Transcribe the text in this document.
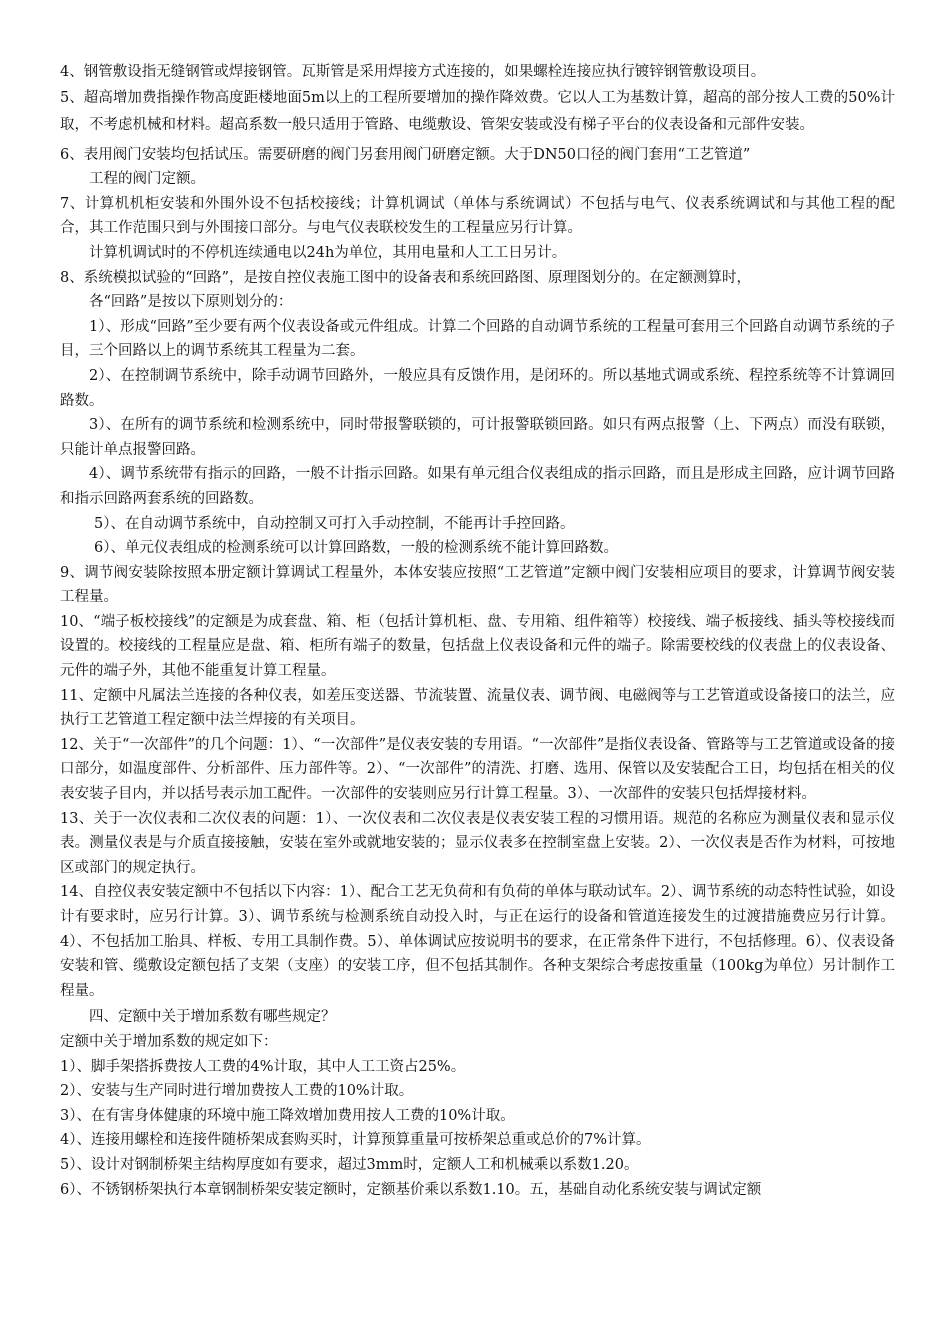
4、钢管敷设指无缝钢管或焊接钢管。瓦斯管是采用焊接方式连接的，如果螺栓连接应执行镀锌钢管敷设项目。

5、超高增加费指操作物高度距楼地面5m以上的工程所要增加的操作降效费。它以人工为基数计算，超高的部分按人工费的50%计取，不考虑机械和材料。超高系数一般只适用于管路、电缆敷设、管架安装或没有梯子平台的仪表设备和元部件安装。

6、表用阀门安装均包括试压。需要研磨的阀门另套用阀门研磨定额。大于DN50口径的阀门套用“工艺管道”

工程的阀门定额。

7、计算机机柜安装和外围外设不包括校接线；计算机调试（单体与系统调试）不包括与电气、仪表系统调试和与其他工程的配合，其工作范围只到与外围接口部分。与电气仪表联校发生的工程量应另行计算。

计算机调试时的不停机连续通电以24h为单位，其用电量和人工工日另计。

8、系统模拟试验的“回路”，是按自控仪表施工图中的设备表和系统回路图、原理图划分的。在定额测算时，

各“回路”是按以下原则划分的：

1）、形成“回路”至少要有两个仪表设备或元件组成。计算二个回路的自动调节系统的工程量可套用三个回路自动调节系统的子目，三个回路以上的调节系统其工程量为二套。

2）、在控制调节系统中，除手动调节回路外，一般应具有反馈作用，是闭环的。所以基地式调或系统、程控系统等不计算调回路数。

3）、在所有的调节系统和检测系统中，同时带报警联锁的，可计报警联锁回路。如只有两点报警（上、下两点）而没有联锁，只能计单点报警回路。

4）、调节系统带有指示的回路，一般不计指示回路。如果有单元组合仪表组成的指示回路，而且是形成主回路，应计调节回路和指示回路两套系统的回路数。

5）、在自动调节系统中，自动控制又可打入手动控制，不能再计手控回路。

6）、单元仪表组成的检测系统可以计算回路数，一般的检测系统不能计算回路数。

9、调节阀安装除按照本册定额计算调试工程量外，本体安装应按照“工艺管道”定额中阀门安装相应项目的要求，计算调节阀安装工程量。

10、“端子板校接线”的定额是为成套盘、箱、柜（包括计算机柜、盘、专用箱、组件箱等）校接线、端子板接线、插头等校接线而设置的。校接线的工程量应是盘、箱、柜所有端子的数量，包括盘上仪表设备和元件的端子。除需要校线的仪表盘上的仪表设备、元件的端子外，其他不能重复计算工程量。

11、定额中凡属法兰连接的各种仪表，如差压变送器、节流装置、流量仪表、调节阀、电磁阀等与工艺管道或设备接口的法兰，应执行工艺管道工程定额中法兰焊接的有关项目。

12、关于“一次部件”的几个问题：1）、“一次部件”是仪表安装的专用语。“一次部件”是指仪表设备、管路等与工艺管道或设备的接口部分，如温度部件、分析部件、压力部件等。2）、“一次部件”的清洗、打磨、选用、保管以及安装配合工日，均包括在相关的仪表安装子目内，并以括号表示加工配件。一次部件的安装则应另行计算工程量。3）、一次部件的安装只包括焊接材料。

13、关于一次仪表和二次仪表的问题：1）、一次仪表和二次仪表是仪表安装工程的习惯用语。规范的名称应为测量仪表和显示仪表。测量仪表是与介质直接接触，安装在室外或就地安装的；显示仪表多在控制室盘上安装。2）、一次仪表是否作为材料，可按地区或部门的规定执行。

14、自控仪表安装定额中不包括以下内容：1）、配合工艺无负荷和有负荷的单体与联动试车。2）、调节系统的动态特性试验，如设计有要求时，应另行计算。3）、调节系统与检测系统自动投入时，与正在运行的设备和管道连接发生的过渡措施费应另行计算。4）、不包括加工胎具、样板、专用工具制作费。5）、单体调试应按说明书的要求，在正常条件下进行，不包括修理。6）、仪表设备安装和管、缆敷设定额包括了支架（支座）的安装工序，但不包括其制作。各种支架综合考虑按重量（100kg为单位）另计制作工程量。

四、定额中关于增加系数有哪些规定？

定额中关于增加系数的规定如下：

1）、脚手架搭拆费按人工费的4%计取，其中人工工资占25%。

2）、安装与生产同时进行增加费按人工费的10%计取。

3）、在有害身体健康的环境中施工降效增加费用按人工费的10%计取。

4）、连接用螺栓和连接件随桥架成套购买时，计算预算重量可按桥架总重或总价的7%计算。

5）、设计对钢制桥架主结构厚度如有要求，超过3mm时，定额人工和机械乘以系数1.20。

6）、不锈钢桥架执行本章钢制桥架安装定额时，定额基价乘以系数1.10。五，基础自动化系统安装与调试定额
